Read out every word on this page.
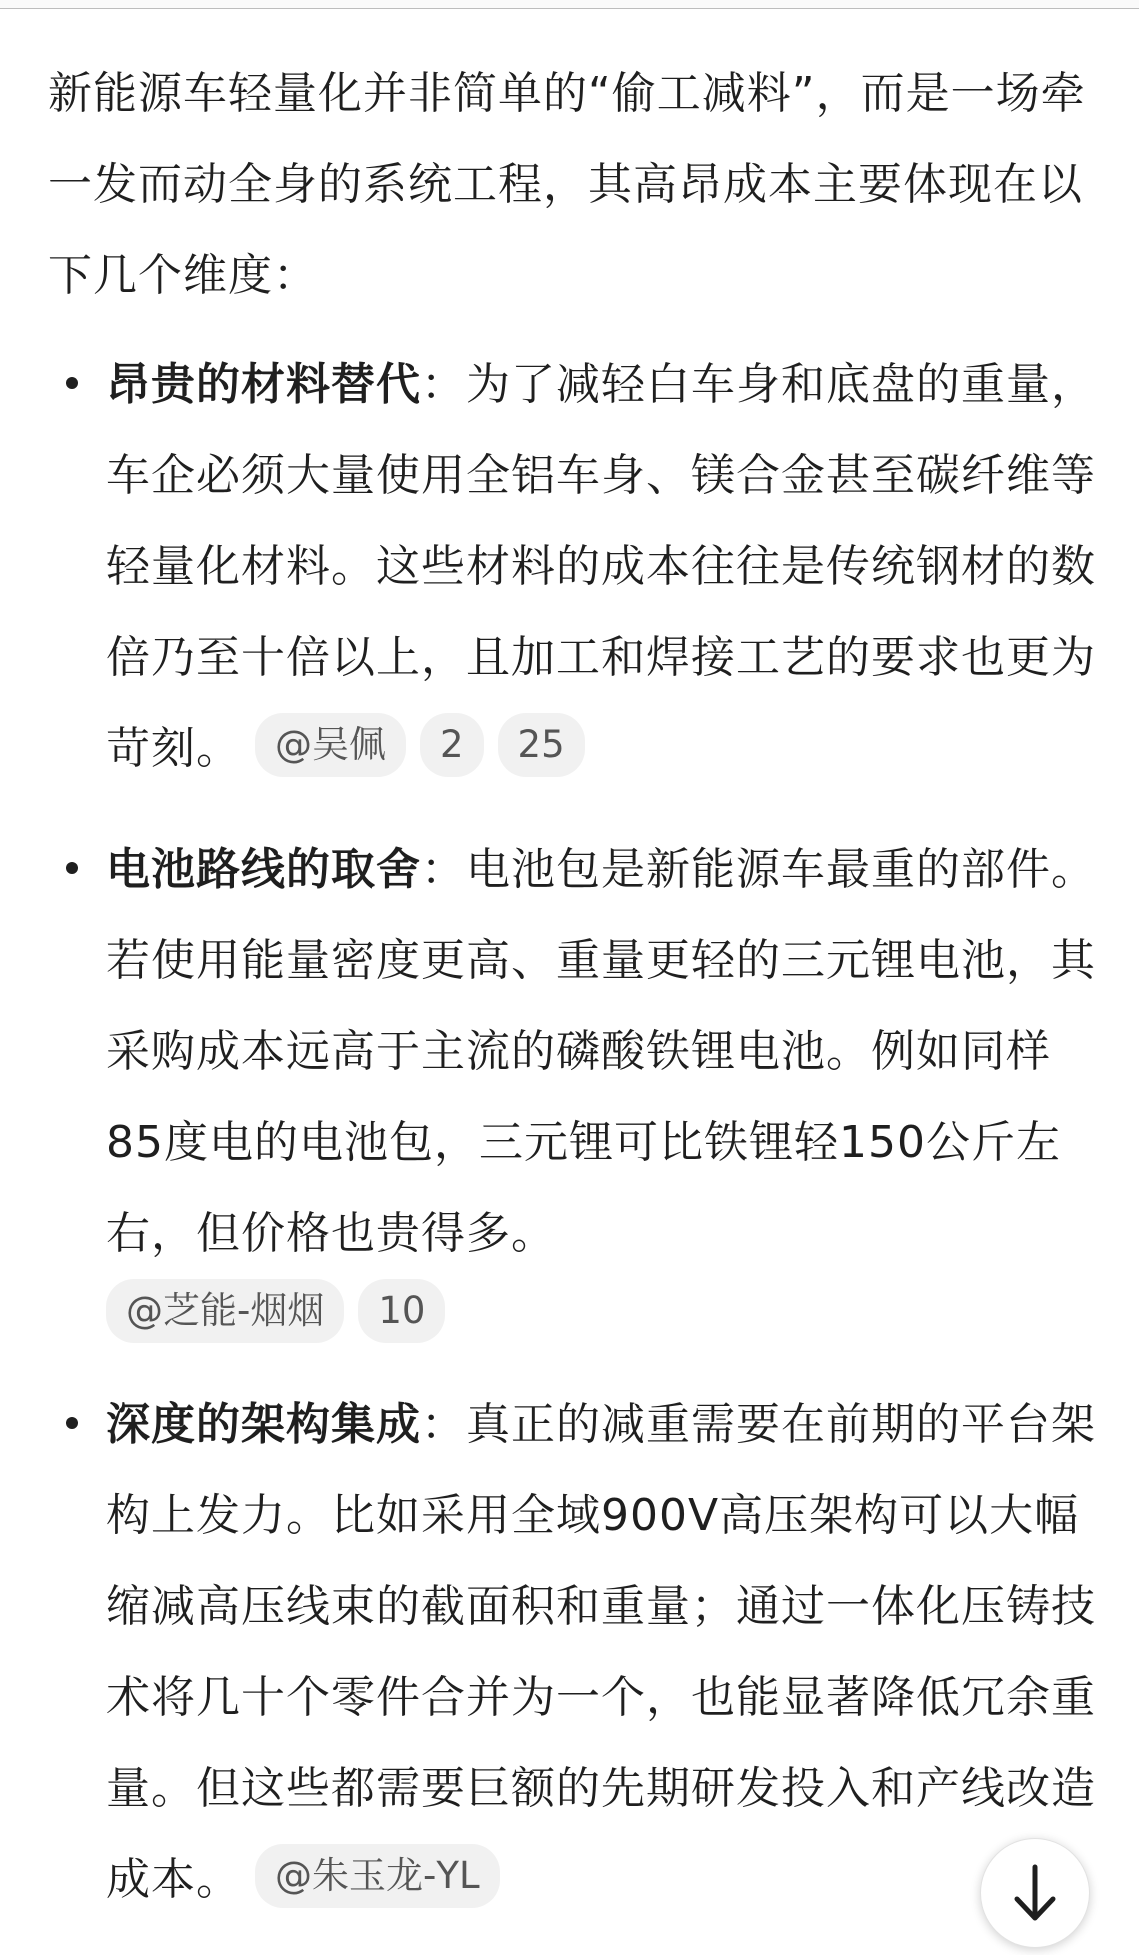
新能源车轻量化并非简单的“偷工减料”，而是一场牵一发而动全身的系统工程，其高昂成本主要体现在以下几个维度：

昂贵的材料替代：为了减轻白车身和底盘的重量，车企必须大量使用全铝车身、镁合金甚至碳纤维等轻量化材料。这些材料的成本往往是传统钢材的数倍乃至十倍以上，且加工和焊接工艺的要求也更为苛刻。 @吴佩 2 25

电池路线的取舍：电池包是新能源车最重的部件。若使用能量密度更高、重量更轻的三元锂电池，其采购成本远高于主流的磷酸铁锂电池。例如同样85度电的电池包，三元锂可比铁锂轻150公斤左右，但价格也贵得多。

@芝能-烟烟 10

深度的架构集成：真正的减重需要在前期的平台架构上发力。比如采用全域900V高压架构可以大幅缩减高压线束的截面积和重量；通过一体化压铸技术将几十个零件合并为一个，也能显著降低冗余重量。但这些都需要巨额的先期研发投入和产线改造成本。 @朱玉龙-YL
